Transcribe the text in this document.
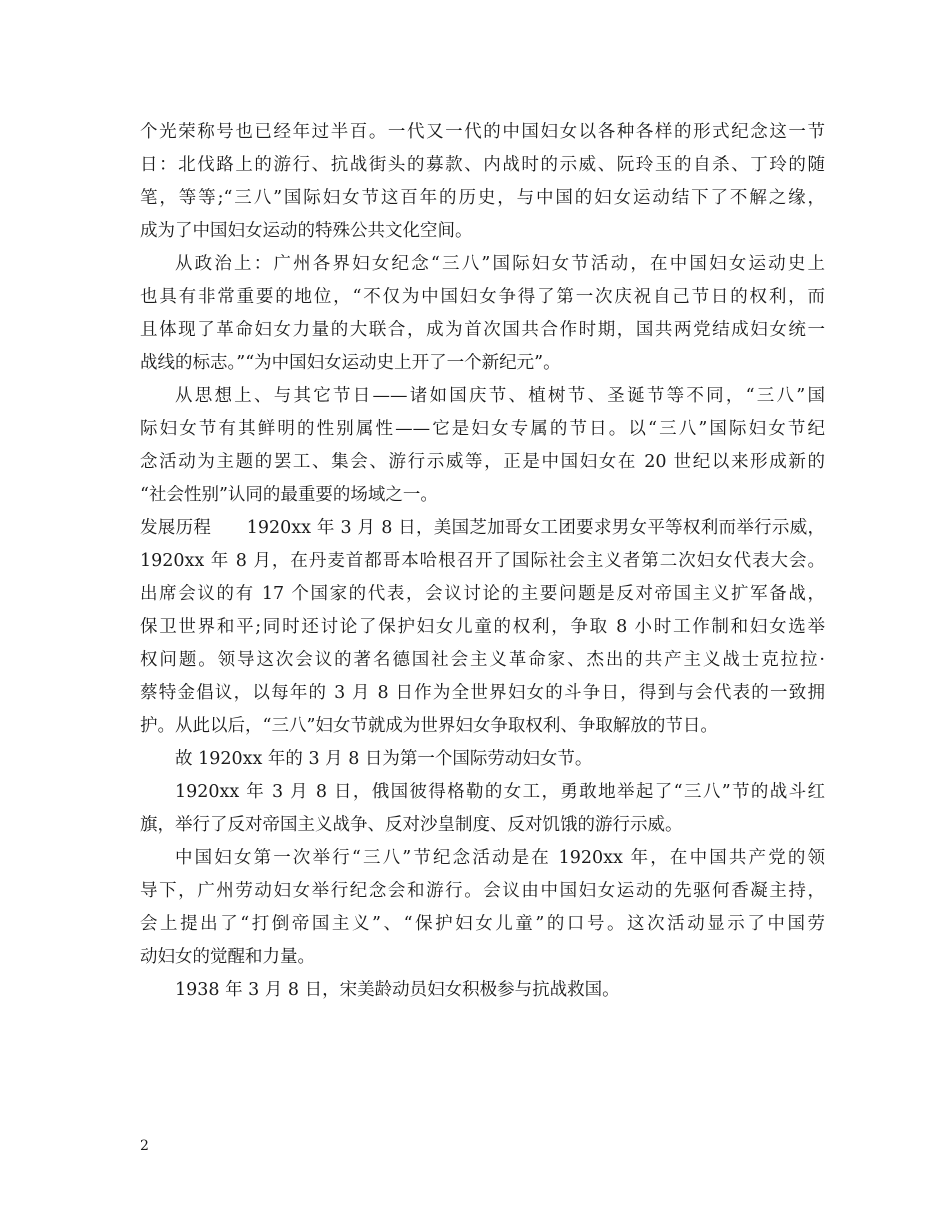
个光荣称号也已经年过半百。一代又一代的中国妇女以各种各样的形式纪念这一节
日：北伐路上的游行、抗战街头的募款、内战时的示威、阮玲玉的自杀、丁玲的随
笔，等等;“三八”国际妇女节这百年的历史，与中国的妇女运动结下了不解之缘，
成为了中国妇女运动的特殊公共文化空间。
从政治上：广州各界妇女纪念“三八”国际妇女节活动，在中国妇女运动史上
也具有非常重要的地位，“不仅为中国妇女争得了第一次庆祝自己节日的权利，而
且体现了革命妇女力量的大联合，成为首次国共合作时期，国共两党结成妇女统一
战线的标志。”“为中国妇女运动史上开了一个新纪元”。
从思想上、与其它节日——诸如国庆节、植树节、圣诞节等不同，“三八”国
际妇女节有其鲜明的性别属性——它是妇女专属的节日。以“三八”国际妇女节纪
念活动为主题的罢工、集会、游行示威等，正是中国妇女在 20 世纪以来形成新的
“社会性别”认同的最重要的场域之一。
发展历程　　1920xx 年 3 月 8 日，美国芝加哥女工团要求男女平等权利而举行示威，
1920xx 年 8 月，在丹麦首都哥本哈根召开了国际社会主义者第二次妇女代表大会。
出席会议的有 17 个国家的代表，会议讨论的主要问题是反对帝国主义扩军备战，
保卫世界和平;同时还讨论了保护妇女儿童的权利，争取 8 小时工作制和妇女选举
权问题。领导这次会议的著名德国社会主义革命家、杰出的共产主义战士克拉拉·
蔡特金倡议，以每年的 3 月 8 日作为全世界妇女的斗争日，得到与会代表的一致拥
护。从此以后，“三八”妇女节就成为世界妇女争取权利、争取解放的节日。
故 1920xx 年的 3 月 8 日为第一个国际劳动妇女节。
1920xx 年 3 月 8 日，俄国彼得格勒的女工，勇敢地举起了“三八”节的战斗红
旗，举行了反对帝国主义战争、反对沙皇制度、反对饥饿的游行示威。
中国妇女第一次举行“三八”节纪念活动是在 1920xx 年，在中国共产党的领
导下，广州劳动妇女举行纪念会和游行。会议由中国妇女运动的先驱何香凝主持，
会上提出了“打倒帝国主义”、“保护妇女儿童”的口号。这次活动显示了中国劳
动妇女的觉醒和力量。
1938 年 3 月 8 日，宋美龄动员妇女积极参与抗战救国。
2
